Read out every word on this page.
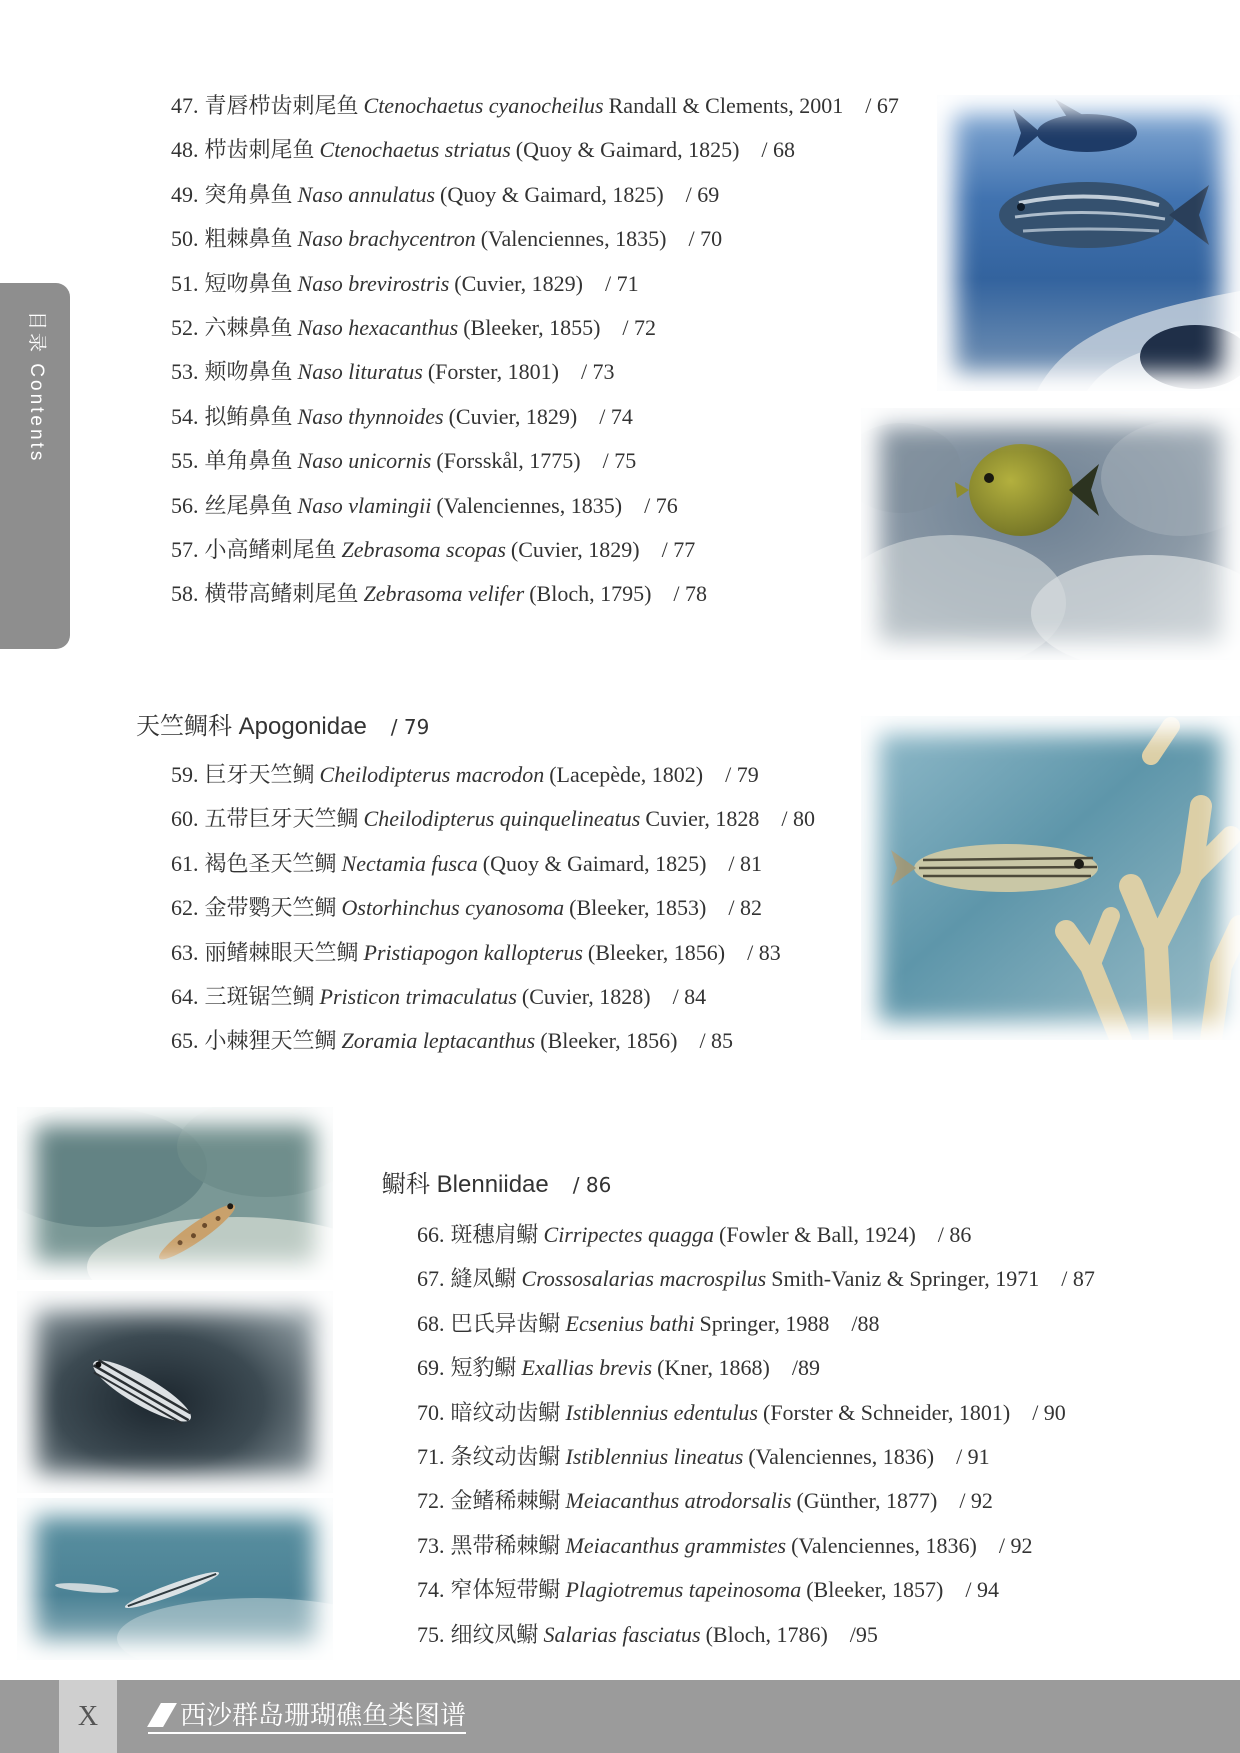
目录 Contents
47. 青唇栉齿刺尾鱼 Ctenochaetus cyanocheilus Randall & Clements, 2001 / 67
48. 栉齿刺尾鱼 Ctenochaetus striatus (Quoy & Gaimard, 1825) / 68
49. 突角鼻鱼 Naso annulatus (Quoy & Gaimard, 1825) / 69
50. 粗棘鼻鱼 Naso brachycentron (Valenciennes, 1835) / 70
51. 短吻鼻鱼 Naso brevirostris (Cuvier, 1829) / 71
52. 六棘鼻鱼 Naso hexacanthus (Bleeker, 1855) / 72
53. 颊吻鼻鱼 Naso lituratus (Forster, 1801) / 73
54. 拟鲔鼻鱼 Naso thynnoides (Cuvier, 1829) / 74
55. 单角鼻鱼 Naso unicornis (Forsskål, 1775) / 75
56. 丝尾鼻鱼 Naso vlamingii (Valenciennes, 1835) / 76
57. 小高鳍刺尾鱼 Zebrasoma scopas (Cuvier, 1829) / 77
58. 横带高鳍刺尾鱼 Zebrasoma velifer (Bloch, 1795) / 78
天竺鲷科 Apogonidae / 79
59. 巨牙天竺鲷 Cheilodipterus macrodon (Lacepède, 1802) / 79
60. 五带巨牙天竺鲷 Cheilodipterus quinquelineatus Cuvier, 1828 / 80
61. 褐色圣天竺鲷 Nectamia fusca (Quoy & Gaimard, 1825) / 81
62. 金带鹦天竺鲷 Ostorhinchus cyanosoma (Bleeker, 1853) / 82
63. 丽鳍棘眼天竺鲷 Pristiapogon kallopterus (Bleeker, 1856) / 83
64. 三斑锯竺鲷 Pristicon trimaculatus (Cuvier, 1828) / 84
65. 小棘狸天竺鲷 Zoramia leptacanthus (Bleeker, 1856) / 85
鳚科 Blenniidae / 86
66. 斑穗肩鳚 Cirripectes quagga (Fowler & Ball, 1924) / 86
67. 縫凤鳚 Crossosalarias macrospilus Smith-Vaniz & Springer, 1971 / 87
68. 巴氏异齿鳚 Ecsenius bathi Springer, 1988 /88
69. 短豹鳚 Exallias brevis (Kner, 1868) /89
70. 暗纹动齿鳚 Istiblennius edentulus (Forster & Schneider, 1801) / 90
71. 条纹动齿鳚 Istiblennius lineatus (Valenciennes, 1836) / 91
72. 金鳍稀棘鳚 Meiacanthus atrodorsalis (Günther, 1877) / 92
73. 黑带稀棘鳚 Meiacanthus grammistes (Valenciennes, 1836) / 92
74. 窄体短带鳚 Plagiotremus tapeinosoma (Bleeker, 1857) / 94
75. 细纹凤鳚 Salarias fasciatus (Bloch, 1786) /95
X	西沙群岛珊瑚礁鱼类图谱
